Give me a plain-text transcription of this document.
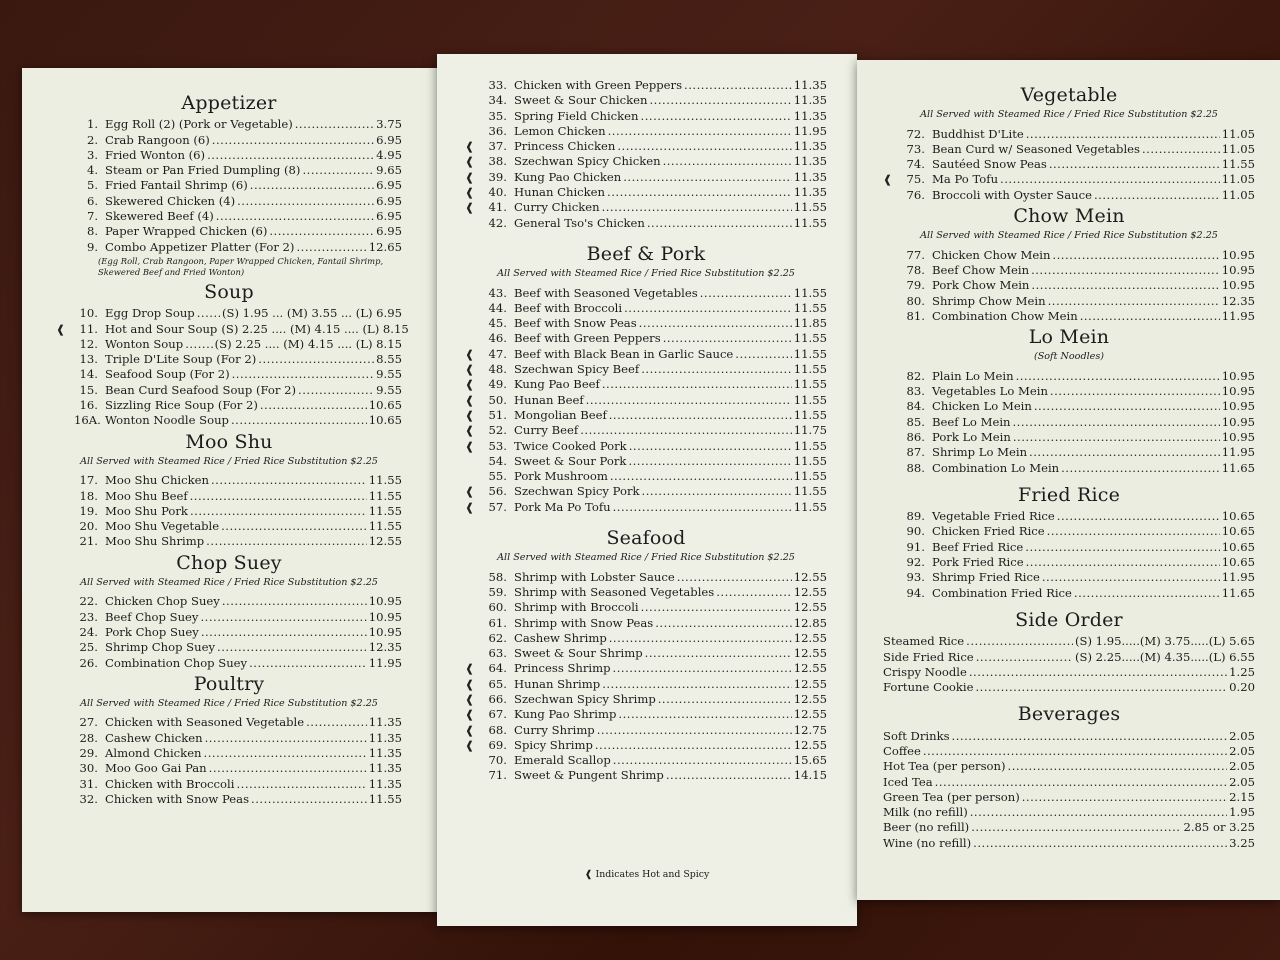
Appetizer
1. Egg Roll (2) (Pork or Vegetable) .....	3.75
2. Crab Rangoon (6) .....	6.95
3. Fried Wonton (6) .....	4.95
4. Steam or Pan Fried Dumpling (8) .....	9.65
5. Fried Fantail Shrimp (6) .....	6.95
6. Skewered Chicken (4) .....	6.95
7. Skewered Beef (4) .....	6.95
8. Paper Wrapped Chicken (6) .....	6.95
9. Combo Appetizer Platter (For 2) .....	12.65
(Egg Roll, Crab Rangoon, Paper Wrapped Chicken, Fantail Shrimp, Skewered Beef and Fried Wonton)
Soup
10. Egg Drop Soup ..... (S) 1.95 ... (M) 3.55 ... (L) 6.95
❰	11. Hot and Sour Soup (S) 2.25 .... (M) 4.15 .... (L) 8.15
12. Wonton Soup .....	(S) 2.25 .... (M) 4.15 .... (L) 8.15
13. Triple D'Lite Soup (For 2) .....	8.55
14. Seafood Soup (For 2) .....	9.55
15. Bean Curd Seafood Soup (For 2) .....	9.55
16. Sizzling Rice Soup (For 2) .....	10.65
16A. Wonton Noodle Soup .....	10.65
Moo Shu
All Served with Steamed Rice / Fried Rice Substitution $2.25
17. Moo Shu Chicken .....	11.55
18. Moo Shu Beef .....	11.55
19. Moo Shu Pork .....	11.55
20. Moo Shu Vegetable .....	11.55
21. Moo Shu Shrimp .....	12.55
Chop Suey
All Served with Steamed Rice / Fried Rice Substitution $2.25
22. Chicken Chop Suey .....	10.95
23. Beef Chop Suey .....	10.95
24. Pork Chop Suey .....	10.95
25. Shrimp Chop Suey .....	12.35
26. Combination Chop Suey .....	11.95
Poultry
All Served with Steamed Rice / Fried Rice Substitution $2.25
27. Chicken with Seasoned Vegetable .....	11.35
28. Cashew Chicken .....	11.35
29. Almond Chicken .....	11.35
30. Moo Goo Gai Pan .....	11.35
31. Chicken with Broccoli .....	11.35
32. Chicken with Snow Peas .....	11.55
33. Chicken with Green Peppers .....	11.35
34. Sweet & Sour Chicken .....	11.35
35. Spring Field Chicken .....	11.35
36. Lemon Chicken .....	11.95
❰	37. Princess Chicken .....	11.35
❰	38. Szechwan Spicy Chicken .....	11.35
❰	39. Kung Pao Chicken .....	11.35
❰	40. Hunan Chicken .....	11.35
❰	41. Curry Chicken .....	11.55
42. General Tso's Chicken .....	11.55
Beef & Pork
All Served with Steamed Rice / Fried Rice Substitution $2.25
43. Beef with Seasoned Vegetables .....	11.55
44. Beef with Broccoli .....	11.55
45. Beef with Snow Peas .....	11.85
46. Beef with Green Peppers .....	11.55
❰	47. Beef with Black Bean in Garlic Sauce .....	11.55
❰	48. Szechwan Spicy Beef .....	11.55
❰	49. Kung Pao Beef .....	11.55
❰	50. Hunan Beef .....	11.55
❰	51. Mongolian Beef .....	11.55
❰	52. Curry Beef .....	11.75
❰	53. Twice Cooked Pork .....	11.55
54. Sweet & Sour Pork .....	11.55
55. Pork Mushroom .....	11.55
❰	56. Szechwan Spicy Pork .....	11.55
❰	57. Pork Ma Po Tofu .....	11.55
Seafood
All Served with Steamed Rice / Fried Rice Substitution $2.25
58. Shrimp with Lobster Sauce .....	12.55
59. Shrimp with Seasoned Vegetables .....	12.55
60. Shrimp with Broccoli .....	12.55
61. Shrimp with Snow Peas .....	12.85
62. Cashew Shrimp .....	12.55
63. Sweet & Sour Shrimp .....	12.55
❰	64. Princess Shrimp .....	12.55
❰	65. Hunan Shrimp .....	12.55
❰	66. Szechwan Spicy Shrimp .....	12.55
❰	67. Kung Pao Shrimp .....	12.55
❰	68. Curry Shrimp .....	12.75
❰	69. Spicy Shrimp .....	12.55
70. Emerald Scallop .....	15.65
71. Sweet & Pungent Shrimp .....	14.15
❰ Indicates Hot and Spicy
Vegetable
All Served with Steamed Rice / Fried Rice Substitution $2.25
72. Buddhist D'Lite .....	11.05
73. Bean Curd w/ Seasoned Vegetables .....	11.05
74. Sautéed Snow Peas .....	11.55
❰	75. Ma Po Tofu .....	11.05
76. Broccoli with Oyster Sauce .....	11.05
Chow Mein
All Served with Steamed Rice / Fried Rice Substitution $2.25
77. Chicken Chow Mein .....	10.95
78. Beef Chow Mein .....	10.95
79. Pork Chow Mein .....	10.95
80. Shrimp Chow Mein .....	12.35
81. Combination Chow Mein .....	11.95
Lo Mein
(Soft Noodles)
82. Plain Lo Mein .....	10.95
83. Vegetables Lo Mein .....	10.95
84. Chicken Lo Mein .....	10.95
85. Beef Lo Mein .....	10.95
86. Pork Lo Mein .....	10.95
87. Shrimp Lo Mein .....	11.95
88. Combination Lo Mein .....	11.65
Fried Rice
89. Vegetable Fried Rice .....	10.65
90. Chicken Fried Rice .....	10.65
91. Beef Fried Rice .....	10.65
92. Pork Fried Rice .....	10.65
93. Shrimp Fried Rice .....	11.95
94. Combination Fried Rice .....	11.65
Side Order
Steamed Rice .....	(S) 1.95.....(M) 3.75.....(L) 5.65
Side Fried Rice .....	(S) 2.25.....(M) 4.35.....(L) 6.55
Crispy Noodle .....	1.25
Fortune Cookie .....	0.20
Beverages
Soft Drinks .....	2.05
Coffee .....	2.05
Hot Tea (per person) .....	2.05
Iced Tea .....	2.05
Green Tea (per person) .....	2.15
Milk (no refill) .....	1.95
Beer (no refill) .....	2.85 or 3.25
Wine (no refill) .....	3.25
